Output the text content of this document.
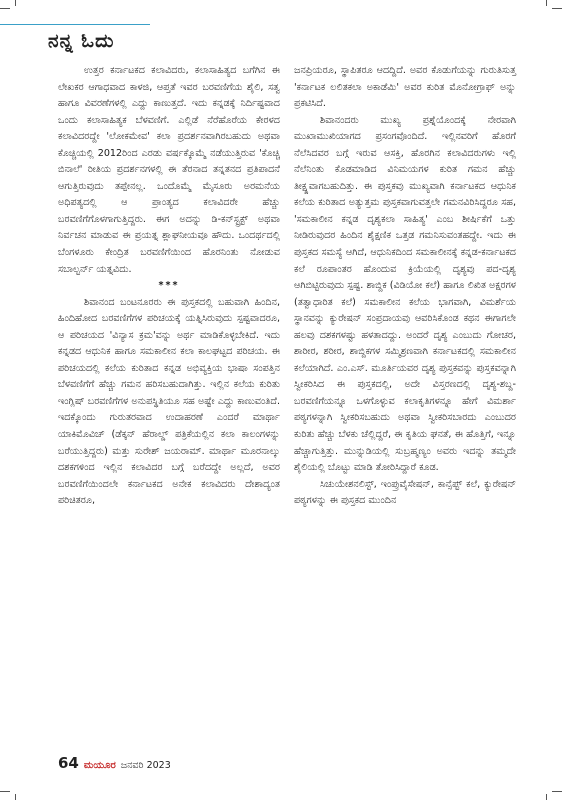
ನನ್ನ ಓದು

ಉತ್ತರ ಕರ್ನಾಟಕದ ಕಲಾವಿದರು, ಕಲಾಸಾಹಿತ್ಯದ ಬಗೆಗಿನ ಈ ಲೇಖಕರ ಆಗಾಧವಾದ ಕಾಳಜಿ, ಆಪ್ತತೆ ಇವರ ಬರವಣಿಗೆಯ ಶೈಲಿ, ಸತ್ವ ಹಾಗೂ ವಿವರಣೆಗಳಲ್ಲಿ ಎದ್ದು ಕಾಣುತ್ತದೆ. ಇದು ಕನ್ನಡಕ್ಕೆ ನಿರ್ದಿಷ್ಟವಾದ ಒಂದು ಕಲಾಸಾಹಿತ್ಯಕ ಬೆಳವಣಿಗೆ. ಎಲ್ಲಿಡೆ ನೆರೆಹೊರೆಯ ಕೇರಳದ ಕಲಾವಿದರದ್ದೇ 'ಲೋಕಮೇವ' ಕಲಾ ಪ್ರದರ್ಶನವಾಗಿರಬಹುದು ಅಥವಾ ಕೊಚ್ಚಿಯಲ್ಲಿ 2012ರಿಂದ ಎರಡು ವರ್ಷಕ್ಕೊಮ್ಮೆ ನಡೆಯುತ್ತಿರುವ 'ಕೊಚ್ಚಿ ಬಿನಾಲೆ' ರೀತಿಯ ಪ್ರದರ್ಶನಗಳಲ್ಲಿ ಈ ತೆರನಾದ ತನ್ನತನದ ಪ್ರತಿಪಾದನೆ ಆಗುತ್ತಿರುವುದು ತಪ್ಪೇನಲ್ಲ. ಒಂದೊಮ್ಮೆ ಮೈಸೂರು ಅರಮನೆಯ ಅಧಿಪತ್ಯದಲ್ಲಿ ಆ ಪ್ರಾಂತ್ಯದ ಕಲಾವಿದರೇ ಹೆಚ್ಚು ಬರವಣಿಗೆಗೊಳಗಾಗುತ್ತಿದ್ದರು. ಈಗ ಅದನ್ನು ಡಿ-ಕನ್‌ಸ್ಟ್ರಕ್ಟ್ ಅಥವಾ ನಿರ್ವಚನ ಮಾಡುವ ಈ ಪ್ರಯತ್ನ ಶ್ಲಾಘನೀಯವೂ ಹೌದು. ಒಂದರ್ಥದಲ್ಲಿ ಬೆಂಗಳೂರು ಕೇಂದ್ರಿತ ಬರವಣಿಗೆಯಿಂದ ಹೊರನಿಂತು ನೋಡುವ ಸಬಾಲ್ಟರ್ನ್ ಯತ್ನವಿದು.

***

ಶಿವಾನಂದ ಬಂಟನೂರರು ಈ ಪುಸ್ತಕದಲ್ಲಿ ಬಹುವಾಗಿ ಹಿಂದಿನ, ಹಿಂದಿಹೋದ ಬರವಣಿಗೆಗಳ ಪರಿಚಯಕ್ಕೆ ಯತ್ನಿಸಿರುವುದು ಸ್ಪಷ್ಟವಾದರೂ, ಆ ಪರಿಚಯದ 'ವಿನ್ಯಾಸ ಕ್ರಮ'ವನ್ನು ಅರ್ಥ ಮಾಡಿಕೊಳ್ಳಬೇಕಿದೆ. ಇದು ಕನ್ನಡದ ಆಧುನಿಕ ಹಾಗೂ ಸಮಕಾಲೀನ ಕಲಾ ಕಾಲಘಟ್ಟದ ಪರಿಚಯ. ಈ ಪರಿಚಯದಲ್ಲಿ ಕಲೆಯ ಕುರಿತಾದ ಕನ್ನಡ ಅಭಿವ್ಯಕ್ತಿಯ ಭಾಷಾ ಸಂಪತ್ತಿನ ಬೆಳವಣಿಗೆಗೆ ಹೆಚ್ಚು ಗಮನ ಹರಿಸಬಹುದಾಗಿತ್ತು. ಇಲ್ಲಿನ ಕಲೆಯ ಕುರಿತು ಇಂಗ್ಲಿಷ್ ಬರವಣಿಗೆಗಳ ಅನುಪಸ್ಥಿತಿಯೂ ಸಹ ಅಷ್ಟೇ ಎದ್ದು ಕಾಣುವಂತಿದೆ. ಇದಕ್ಕೊಂದು ಗುರುತರವಾದ ಉದಾಹರಣೆ ಎಂದರೆ ಮಾರ್ಥಾ ಯಾಕಿಮೊವಿಚ್ (ಡೆಕ್ಕನ್ ಹೆರಾಲ್ಡ್ ಪತ್ರಿಕೆಯಲ್ಲಿನ ಕಲಾ ಕಾಲಂಗಳನ್ನು ಬರೆಯುತ್ತಿದ್ದರು) ಮತ್ತು ಸುರೇಶ್ ಜಯರಾಮ್. ಮಾರ್ಥಾ ಮೂರನಾಲ್ಕು ದಶಕಗಳಿಂದ ಇಲ್ಲಿನ ಕಲಾವಿದರ ಬಗ್ಗೆ ಬರೆದದ್ದೇ ಅಲ್ಲದೆ, ಅವರ ಬರವಣಿಗೆಯಿಂದಲೇ ಕರ್ನಾಟಕದ ಅನೇಕ ಕಲಾವಿದರು ದೇಶಾದ್ಯಂತ ಪರಿಚಿತರೂ,

ಜನಪ್ರಿಯರೂ, ಸ್ಥಾಪಿತರೂ ಆದದ್ದಿದೆ. ಅವರ ಕೊಡುಗೆಯನ್ನು ಗುರುತಿಸುತ್ತ 'ಕರ್ನಾಟಕ ಲಲಿತಕಲಾ ಅಕಾಡೆಮಿ' ಅವರ ಕುರಿತ ಮೊನೋಗ್ರಾಫ್ ಅನ್ನು ಪ್ರಕಟಿಸಿದೆ.

ಶಿವಾನಂದರು ಮುಖ್ಯ ಪ್ರಶ್ನೆಯೊಂದಕ್ಕೆ ನೇರವಾಗಿ ಮುಖಾಮುಖಿಯಾಗದ ಪ್ರಸಂಗವೊಂದಿದೆ. ಇಲ್ಲಿನವರಿಗೆ ಹೊರಗೆ ನೆಲೆಸಿದವರ ಬಗ್ಗೆ ಇರುವ ಆಸಕ್ತಿ, ಹೊರಗಿನ ಕಲಾವಿದರುಗಳು ಇಲ್ಲಿ ನೆಲೆನಿಂತು ಕೊಡಮಾಡಿದ ವಿನಿಮಯಗಳ ಕುರಿತ ಗಮನ ಹೆಚ್ಚು ತೀಕ್ಷ್ಣವಾಗಬಹುದಿತ್ತು. ಈ ಪುಸ್ತಕವು ಮುಖ್ಯವಾಗಿ ಕರ್ನಾಟಕದ ಆಧುನಿಕ ಕಲೆಯ ಕುರಿತಾದ ಅತ್ಯುತ್ತಮ ಪುಸ್ತಕವಾಗುವತ್ತಲೇ ಗಮನವಿರಿಸಿದ್ದರೂ ಸಹ, 'ಸಮಕಾಲೀನ ಕನ್ನಡ ದೃಶ್ಯಕಲಾ ಸಾಹಿತ್ಯ' ಎಂಬ ಶೀರ್ಷಿಕೆಗೆ ಒತ್ತು ನೀಡಿರುವುದರ ಹಿಂದಿನ ಶೈಕ್ಷಣಿಕ ಒತ್ತಡ ಗಮನಿಸುವಂತಹದ್ದೇ. ಇದು ಈ ಪುಸ್ತಕದ ಸಮಸ್ಯೆ ಆಗಿದೆ, ಆಧುನಿಕದಿಂದ ಸಮಕಾಲೀನಕ್ಕೆ ಕನ್ನಡ-ಕರ್ನಾಟಕದ ಕಲೆ ರೂಪಾಂತರ ಹೊಂದುವ ಕ್ರಿಯೆಯಲ್ಲಿ ದೃಶ್ಯವು ಪದ-ದೃಶ್ಯ ಆಗಿಬಿಟ್ಟಿರುವುದು ಸ್ಪಷ್ಟ. ಶಾಬ್ದಿಕ (ವಿಡಿಯೋ ಕಲೆ) ಹಾಗೂ ಲಿಖಿತ ಅಕ್ಷರಗಳ (ತತ್ವಾಧಾರಿತ ಕಲೆ) ಸಮಕಾಲೀನ ಕಲೆಯ ಭಾಗವಾಗಿ, ವಿಮರ್ಶೆಯ ಸ್ಥಾನವನ್ನು ಕ್ಯುರೇಷನ್ ಸಂಪ್ರದಾಯವು ಆವರಿಸಿಕೊಂಡ ಕಥನ ಈಗಾಗಲೇ ಹಲವು ದಶಕಗಳಷ್ಟು ಹಳತಾದದ್ದು. ಅಂದರೆ ದೃಶ್ಯ ಎಂಬುದು ಗೋಚರ, ಶಾರೀರ, ಶರೀರ, ಶಾಬ್ದಿಕಗಳ ಸಮ್ಮಿಶ್ರಣವಾಗಿ ಕರ್ನಾಟಕದಲ್ಲಿ ಸಮಕಾಲೀನ ಕಲೆಯಾಗಿದೆ. ಎಂ.ಎಸ್. ಮೂರ್ತಿಯವರ ದೃಶ್ಯ ಪುಸ್ತಕವನ್ನು ಪುಸ್ತಕವನ್ನಾಗಿ ಸ್ವೀಕರಿಸಿದ ಈ ಪುಸ್ತಕದಲ್ಲಿ, ಅದೇ ವಿಸ್ತರಣದಲ್ಲಿ ದೃಶ್ಯ-ಶಬ್ದ-ಬರವಣಿಗೆಯನ್ನೂ ಒಳಗೊಳ್ಳುವ ಕಲಾಕೃತಿಗಳನ್ನೂ ಹೇಗೆ ವಿಮರ್ಶಾ ಪಠ್ಯಗಳನ್ನಾಗಿ ಸ್ವೀಕರಿಸಬಹುದು ಅಥವಾ ಸ್ವೀಕರಿಸಬಾರದು ಎಂಬುದರ ಕುರಿತು ಹೆಚ್ಚು ಬೆಳಕು ಚೆಲ್ಲಿದ್ದರೆ, ಈ ಕೃತಿಯ ಘನತೆ, ಈ ಹೊತ್ತಿಗೆ, ಇನ್ನೂ ಹೆಚ್ಚಾಗುತ್ತಿತ್ತು. ಮುನ್ನುಡಿಯಲ್ಲಿ ಸುಬ್ರಹ್ಮಣ್ಯಂ ಅವರು ಇದನ್ನು ತಮ್ಮದೇ ಶೈಲಿಯಲ್ಲಿ ಬೊಟ್ಟು ಮಾಡಿ ತೋರಿಸಿದ್ದಾರೆ ಕೂಡ.

ಸಿಚುಯೇಶನಲಿಸ್ಟ್, ಇಂಪ್ರುವೈಸೇಷನ್, ಕಾನ್ಸೆಪ್ಟ್ ಕಲೆ, ಕ್ಯುರೇಷನ್ ಪಠ್ಯಗಳನ್ನು ಈ ಪುಸ್ತಕದ ಮುಂದಿನ

64 ಮಯೂರ ಜನವರಿ 2023
